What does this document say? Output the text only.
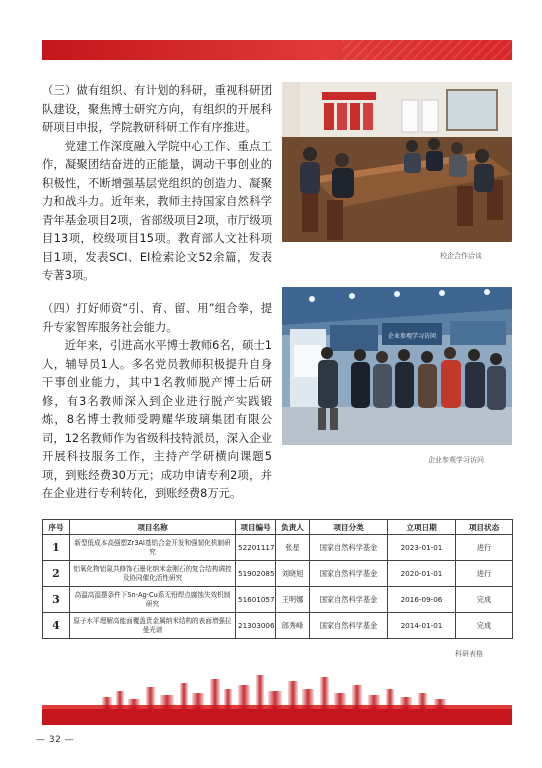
（三）做有组织、有计划的科研，重视科研团队建设，聚焦博士研究方向，有组织的开展科研项目申报，学院教研科研工作有序推进。

党建工作深度融入学院中心工作、重点工作，凝聚团结奋进的正能量，调动干事创业的积极性，不断增强基层党组织的创造力、凝聚力和战斗力。近年来，教师主持国家自然科学青年基金项目2项，省部级项目2项，市厅级项目13项，校级项目15项。教育部人文社科项目1项，发表SCI、EI检索论文52余篇，发表专著3项。

（四）打好师资“引、育、留、用”组合拳，提升专家智库服务社会能力。

近年来，引进高水平博士教师6名，硕士1人，辅导员1人。多名党员教师积极提升自身干事创业能力，其中1名教师脱产博士后研修，有3名教师深入到企业进行脱产实践锻炼，8名博士教师受聘耀华玻璃集团有限公司，12名教师作为省级科技特派员，深入企业开展科技服务工作，主持产学研横向课题5项，到账经费30万元；成功申请专利2项，并在企业进行专利转化，到账经费8万元。

校企合作洽谈
企业参观学习访问
企业参观学习访问
序号	项目名称	项目编号	负责人	项目分类	立项日期	项目状态
1	新型低成本高强塑Zr3Al基锆合金开发和强韧化机制研究	52201117	张星	国家自然科学基金	2023-01-01	进行
2	铝氧化物铝氮共修饰石墨化纳米金刚石的复合结构调控及协同催化活性研究	51902085	刘晓旭	国家自然科学基金	2020-01-01	进行
3	高温高湿摆条件下Sn-Ag-Cu系无铅焊点腐蚀失效机制研究	51601057	王明娜	国家自然科学基金	2016-09-06	完成
4	原子水平理解高能面覆盖贵金属纳米结构的表面增强拉曼光谱	21303006	郎秀峰	国家自然科学基金	2014-01-01	完成
科研表格
— 32 —
